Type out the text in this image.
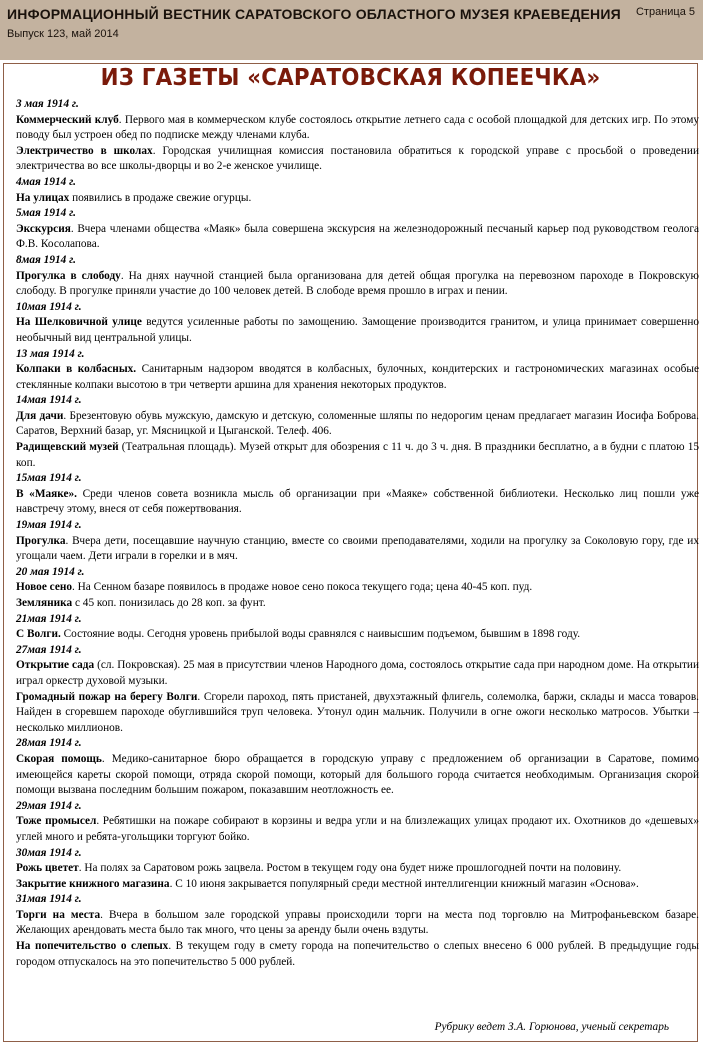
ИНФОРМАЦИОННЫЙ ВЕСТНИК САРАТОВСКОГО ОБЛАСТНОГО МУЗЕЯ КРАЕВЕДЕНИЯ
Выпуск 123, май 2014
Страница 5
ИЗ ГАЗЕТЫ «САРАТОВСКАЯ КОПЕЕЧКА»

3 мая 1914 г.

Коммерческий клуб. Первого мая в коммерческом клубе состоялось открытие летнего сада с особой площадкой для детских игр. По этому поводу был устроен обед по подписке между членами клуба.

Электричество в школах. Городская училищная комиссия постановила обратиться к городской управе с просьбой о проведении электричества во все школы-дворцы и во 2-е женское училище.

4мая 1914 г.

На улицах появились в продаже свежие огурцы.

5мая 1914 г.

Экскурсия. Вчера членами общества «Маяк» была совершена экскурсия на железнодорожный песчаный карьер под руководством геолога Ф.В. Косолапова.

8мая 1914 г.

Прогулка в слободу. На днях научной станцией была организована для детей общая прогулка на перевозном пароходе в Покровскую слободу. В прогулке приняли участие до 100 человек детей. В слободе время прошло в играх и пении.

10мая 1914 г.

На Шелковичной улице ведутся усиленные работы по замощению. Замощение производится гранитом, и улица принимает совершенно необычный вид центральной улицы.

13 мая 1914 г.

Колпаки в колбасных. Санитарным надзором вводятся в колбасных, булочных, кондитерских и гастрономических магазинах особые стеклянные колпаки высотою в три четверти аршина для хранения некоторых продуктов.

14мая 1914 г.

Для дачи. Брезентовую обувь мужскую, дамскую и детскую, соломенные шляпы по недорогим ценам предлагает магазин Иосифа Боброва. Саратов, Верхний базар, уг. Мясницкой и Цыганской. Телеф. 406.

Радищевский музей (Театральная площадь). Музей открыт для обозрения с 11 ч. до 3 ч. дня. В праздники бесплатно, а в будни с платою 15 коп.

15мая 1914 г.

В «Маяке». Среди членов совета возникла мысль об организации при «Маяке» собственной библиотеки. Несколько лиц пошли уже навстречу этому, внеся от себя пожертвования.

19мая 1914 г.

Прогулка. Вчера дети, посещавшие научную станцию, вместе со своими преподавателями, ходили на прогулку за Соколовую гору, где их угощали чаем. Дети играли в горелки и в мяч.

20 мая 1914 г.

Новое сено. На Сенном базаре появилось в продаже новое сено покоса текущего года; цена 40-45 коп. пуд.

Земляника с 45 коп. понизилась до 28 коп. за фунт.

21мая 1914 г.

С Волги. Состояние воды. Сегодня уровень прибылой воды сравнялся с наивысшим подъемом, бывшим в 1898 году.

27мая 1914 г.

Открытие сада (сл. Покровская). 25 мая в присутствии членов Народного дома, состоялось открытие сада при народном доме. На открытии играл оркестр духовой музыки.

Громадный пожар на берегу Волги. Сгорели пароход, пять пристаней, двухэтажный флигель, солемолка, баржи, склады и масса товаров. Найден в сгоревшем пароходе обуглившийся труп человека. Утонул один мальчик. Получили в огне ожоги несколько матросов. Убытки – несколько миллионов.

28мая 1914 г.

Скорая помощь. Медико-санитарное бюро обращается в городскую управу с предложением об организации в Саратове, помимо имеющейся кареты скорой помощи, отряда скорой помощи, который для большого города считается необходимым. Организация скорой помощи вызвана последним большим пожаром, показавшим неотложность ее.

29мая 1914 г.

Тоже промысел. Ребятишки на пожаре собирают в корзины и ведра угли и на близлежащих улицах продают их. Охотников до «дешевых» углей много и ребята-угольщики торгуют бойко.

30мая 1914 г.

Рожь цветет. На полях за Саратовом рожь зацвела. Ростом в текущем году она будет ниже прошлогодней почти на половину.

Закрытие книжного магазина. С 10 июня закрывается популярный среди местной интеллигенции книжный магазин «Основа».

31мая 1914 г.

Торги на места. Вчера в большом зале городской управы происходили торги на места под торговлю на Митрофаньевском базаре. Желающих арендовать места было так много, что цены за аренду были очень вздуты.

На попечительство о слепых. В текущем году в смету города на попечительство о слепых внесено 6 000 рублей. В предыдущие годы городом отпускалось на это попечительство 5 000 рублей.

Рубрику ведет З.А. Горюнова, ученый секретарь
